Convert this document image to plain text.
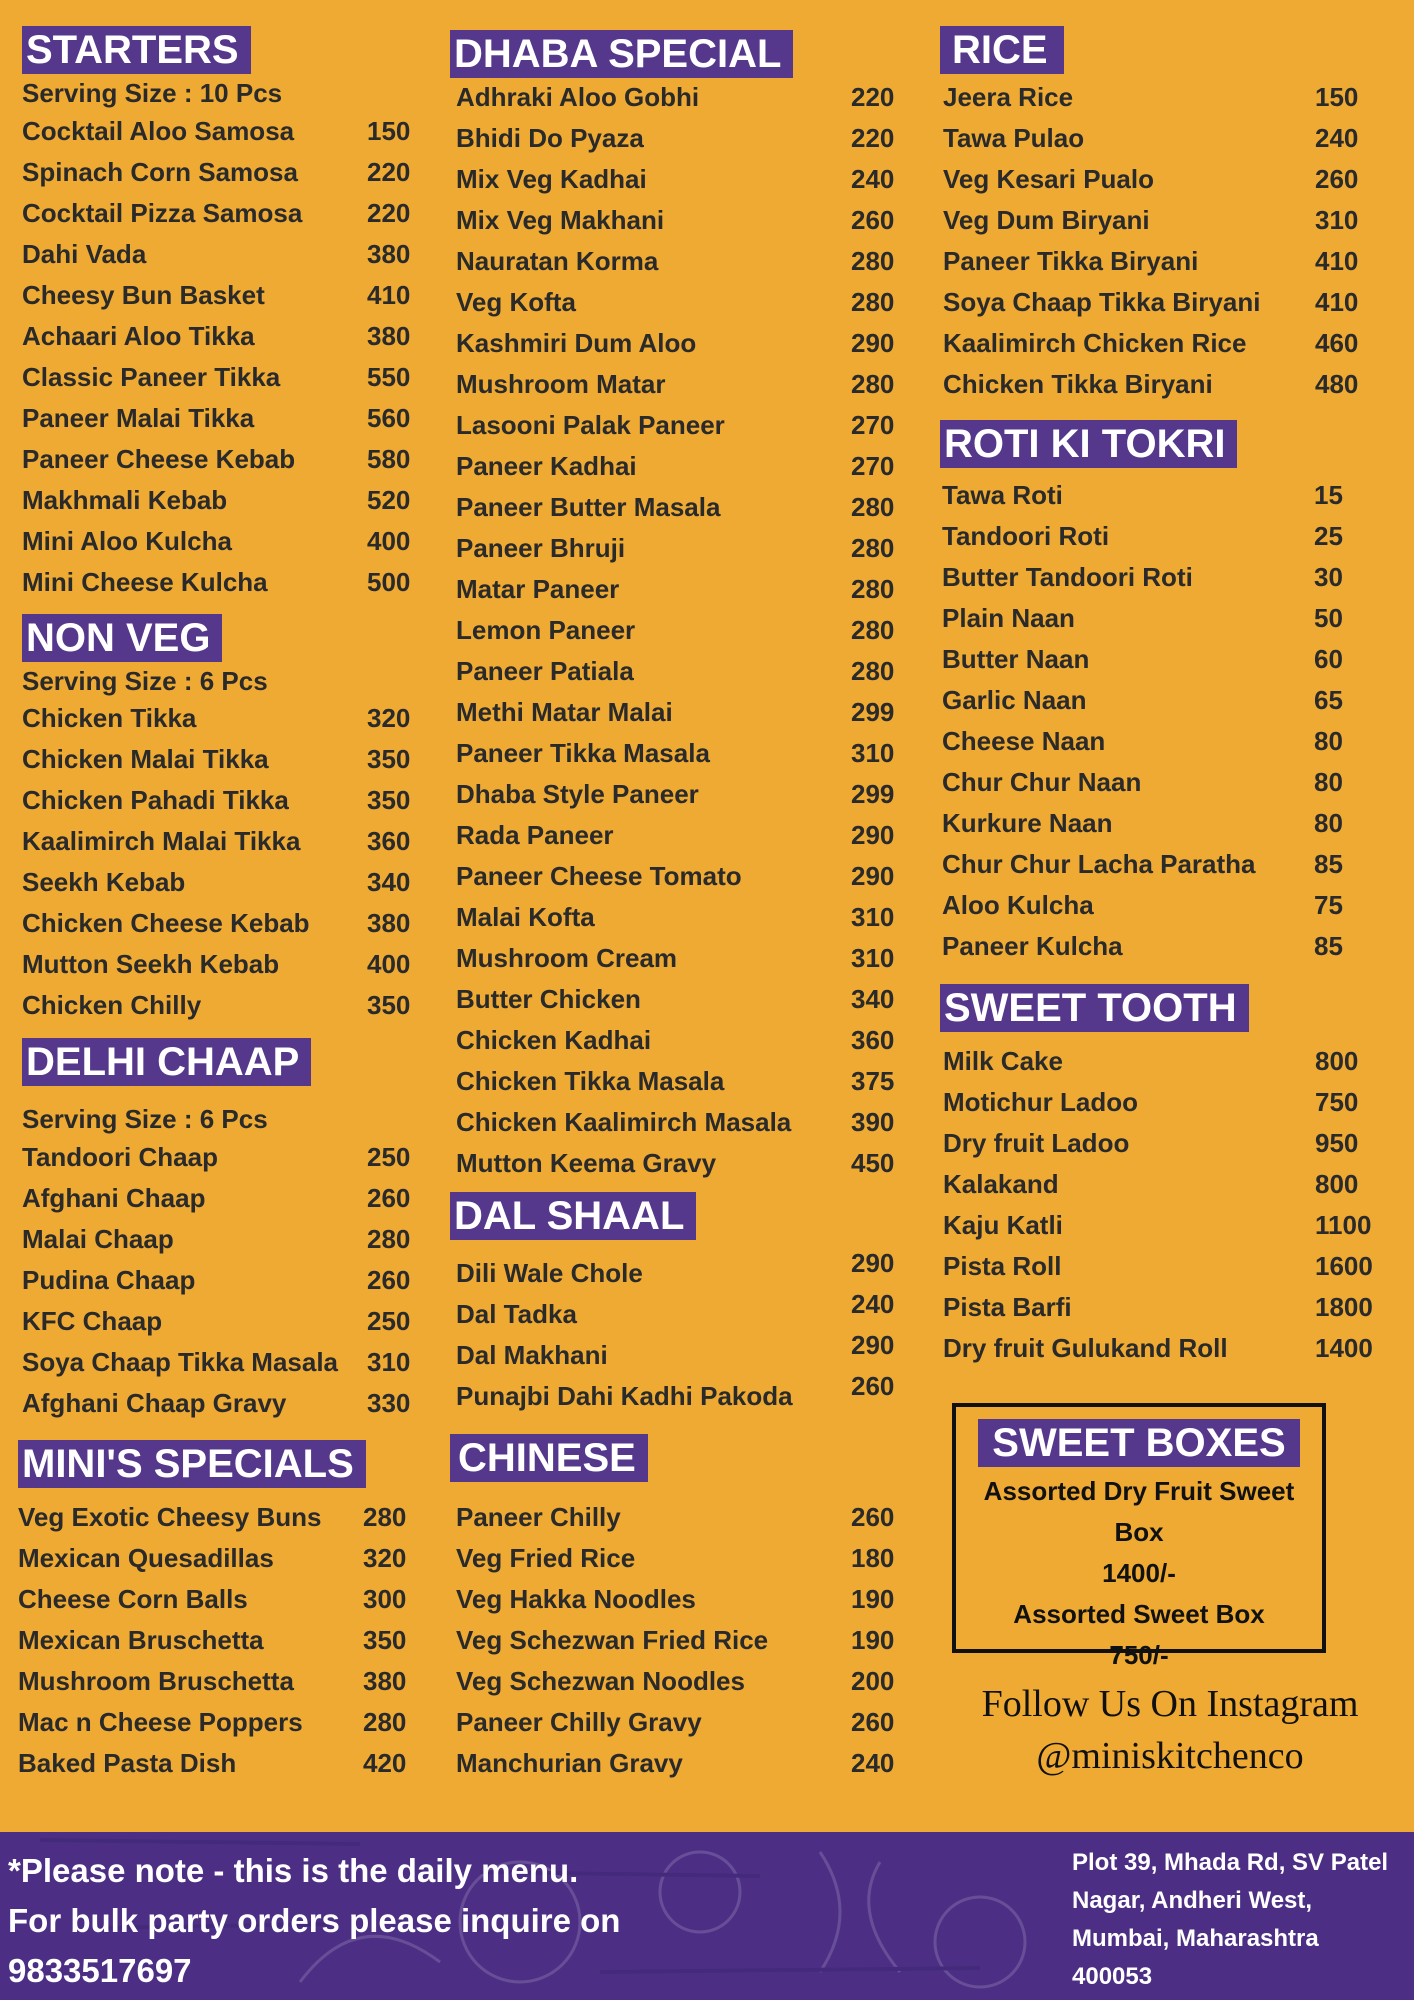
STARTERS
Serving Size : 10 Pcs
Cocktail Aloo Samosa	150
Spinach Corn Samosa	220
Cocktail Pizza Samosa 220
Dahi Vada	380
Cheesy Bun Basket	410
Achaari Aloo Tikka	380
Classic Paneer Tikka	550
Paneer Malai Tikka	560
Paneer Cheese Kebab	580
Makhmali Kebab	520
Mini Aloo Kulcha	400
Mini Cheese Kulcha	500
NON VEG
Serving Size : 6 Pcs
Chicken Tikka	320
Chicken Malai Tikka	350
Chicken Pahadi Tikka	350
Kaalimirch Malai Tikka	360
Seekh Kebab	340
Chicken Cheese Kebab 380
Mutton Seekh Kebab	400
Chicken Chilly	350
DELHI CHAAP
Serving Size : 6 Pcs
Tandoori Chaap	250
Afghani Chaap	260
Malai Chaap	280
Pudina Chaap	260
KFC Chaap	250
Soya Chaap Tikka Masala 310
Afghani Chaap Gravy	330
MINI'S SPECIALS
Veg Exotic Cheesy Buns 280
Mexican Quesadillas	320
Cheese Corn Balls	300
Mexican Bruschetta	350
Mushroom Bruschetta	380
Mac n Cheese Poppers 280
Baked Pasta Dish	420
DHABA SPECIAL
Adhraki Aloo Gobhi	220
Bhidi Do Pyaza	220
Mix Veg Kadhai	240
Mix Veg Makhani	260
Nauratan Korma	280
Veg Kofta	280
Kashmiri Dum Aloo	290
Mushroom Matar	280
Lasooni Palak Paneer	270
Paneer Kadhai	270
Paneer Butter Masala	280
Paneer Bhruji	280
Matar Paneer	280
Lemon Paneer	280
Paneer Patiala	280
Methi Matar Malai	299
Paneer Tikka Masala	310
Dhaba Style Paneer	299
Rada Paneer	290
Paneer Cheese Tomato	290
Malai Kofta	310
Mushroom Cream	310
Butter Chicken	340
Chicken Kadhai	360
Chicken Tikka Masala	375
Chicken Kaalimirch Masala 390
Mutton Keema Gravy	450
DAL SHAAL
Dili Wale Chole	290
Dal Tadka	240
Dal Makhani	290
Punajbi Dahi Kadhi Pakoda 260
CHINESE
Paneer Chilly	260
Veg Fried Rice	180
Veg Hakka Noodles	190
Veg Schezwan Fried Rice	190
Veg Schezwan Noodles	200
Paneer Chilly Gravy	260
Manchurian Gravy	240
RICE
Jeera Rice	150
Tawa Pulao	240
Veg Kesari Pualo	260
Veg Dum Biryani	310
Paneer Tikka Biryani	410
Soya Chaap Tikka Biryani 410
Kaalimirch Chicken Rice	460
Chicken Tikka Biryani	480
ROTI KI TOKRI
Tawa Roti	15
Tandoori Roti	25
Butter Tandoori Roti	30
Plain Naan	50
Butter Naan	60
Garlic Naan	65
Cheese Naan	80
Chur Chur Naan	80
Kurkure Naan	80
Chur Chur Lacha Paratha 85
Aloo Kulcha	75
Paneer Kulcha	85
SWEET TOOTH
Milk Cake	800
Motichur Ladoo	750
Dry fruit Ladoo	950
Kalakand	800
Kaju Katli	1100
Pista Roll	1600
Pista Barfi	1800
Dry fruit Gulukand Roll	1400
SWEET BOXES
Assorted Dry Fruit Sweet Box
1400/-
Assorted Sweet Box
750/-
Follow Us On Instagram
@miniskitchenco
*Please note - this is the daily menu.
For bulk party orders please inquire on
9833517697
Plot 39, Mhada Rd, SV Patel
Nagar, Andheri West,
Mumbai, Maharashtra
400053
